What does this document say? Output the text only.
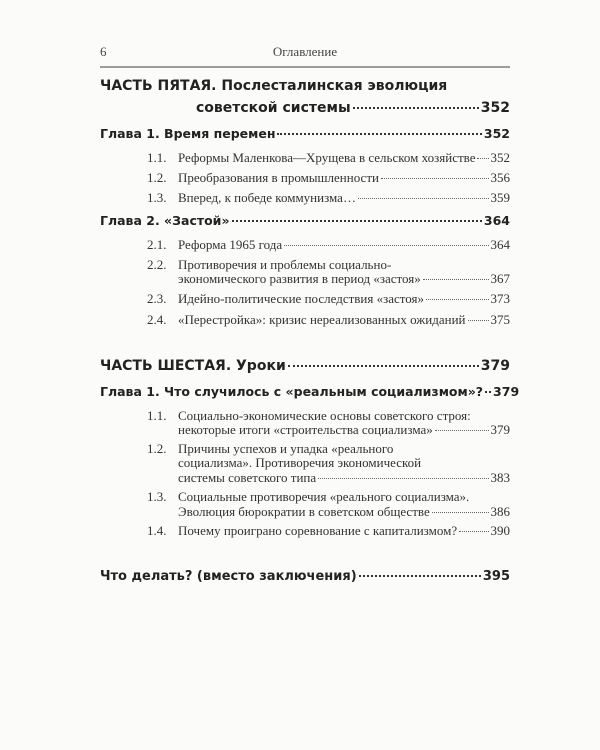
6	Оглавление
ЧАСТЬ ПЯТАЯ. Послесталинская эволюция
советской системы	352
Глава 1. Время перемен	352
1.1. Реформы Маленкова—Хрущева в сельском хозяйстве 352
1.2. Преобразования в промышленности	356
1.3. Вперед, к победе коммунизма…	359
Глава 2. «Застой»	364
2.1. Реформа 1965 года	364
2.2. Противоречия и проблемы социально-
экономического развития в период «застоя»	367
2.3. Идейно-политические последствия «застоя»	373
2.4. «Перестройка»: кризис нереализованных ожиданий 375
ЧАСТЬ ШЕСТАЯ. Уроки	379
Глава 1. Что случилось с «реальным социализмом»? 379
1.1. Социально-экономические основы советского строя:
некоторые итоги «строительства социализма»	379
1.2. Причины успехов и упадка «реального
социализма». Противоречия экономической
системы советского типа	383
1.3. Социальные противоречия «реального социализма».
Эволюция бюрократии в советском обществе	386
1.4. Почему проиграно соревнование с капитализмом?	390
Что делать? (вместо заключения)	395
